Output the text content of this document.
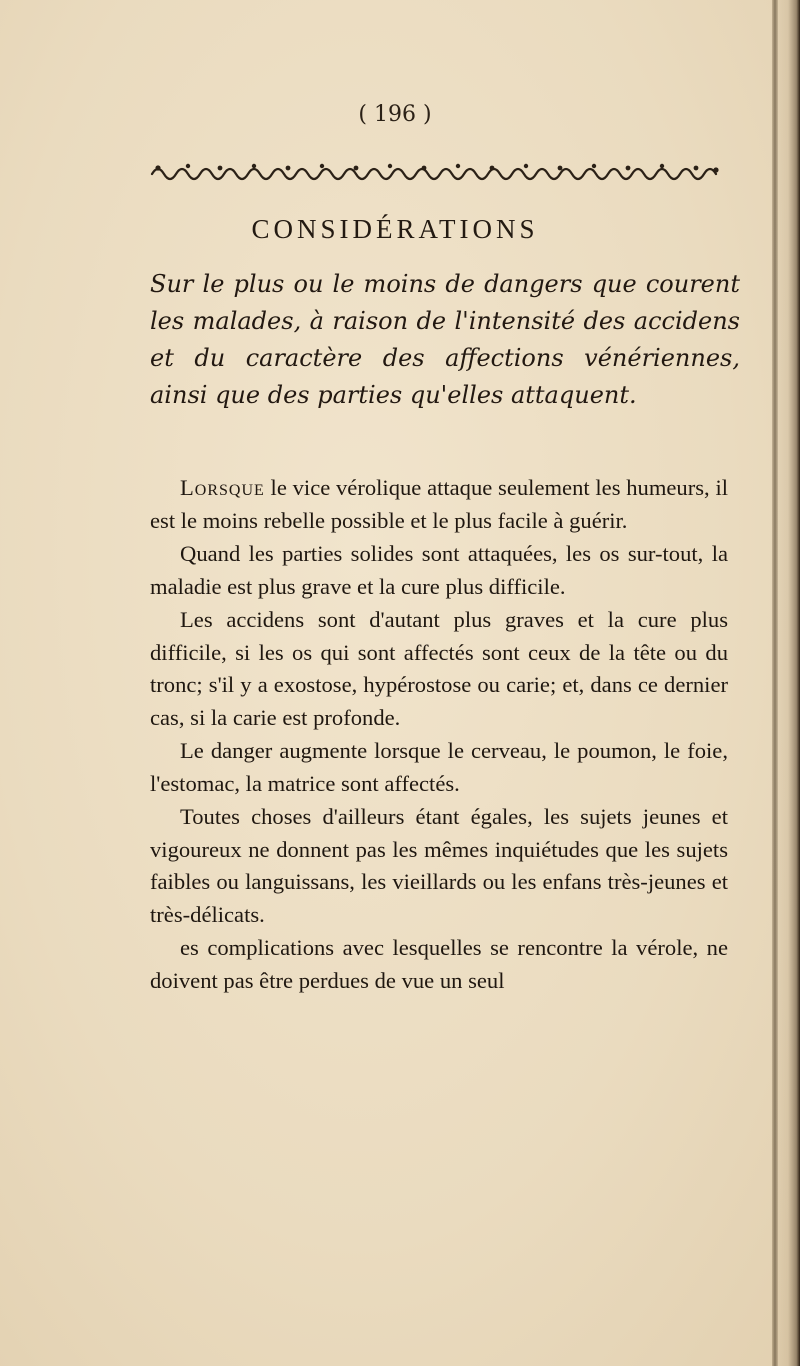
( 196 )
CONSIDÉRATIONS

Sur le plus ou le moins de dangers que courent les malades, à raison de l'intensité des accidens et du caractère des affections vénériennes, ainsi que des parties qu'elles attaquent.

Lorsque le vice vérolique attaque seulement les humeurs, il est le moins rebelle possible et le plus facile à guérir.

Quand les parties solides sont attaquées, les os sur-tout, la maladie est plus grave et la cure plus difficile.

Les accidens sont d'autant plus graves et la cure plus difficile, si les os qui sont affectés sont ceux de la tête ou du tronc; s'il y a exostose, hypérostose ou carie; et, dans ce dernier cas, si la carie est profonde.

Le danger augmente lorsque le cerveau, le poumon, le foie, l'estomac, la matrice sont affectés.

Toutes choses d'ailleurs étant égales, les sujets jeunes et vigoureux ne donnent pas les mêmes inquiétudes que les sujets faibles ou languissans, les vieillards ou les enfans très-jeunes et très-délicats.

es complications avec lesquelles se rencontre la vérole, ne doivent pas être perdues de vue un seul
